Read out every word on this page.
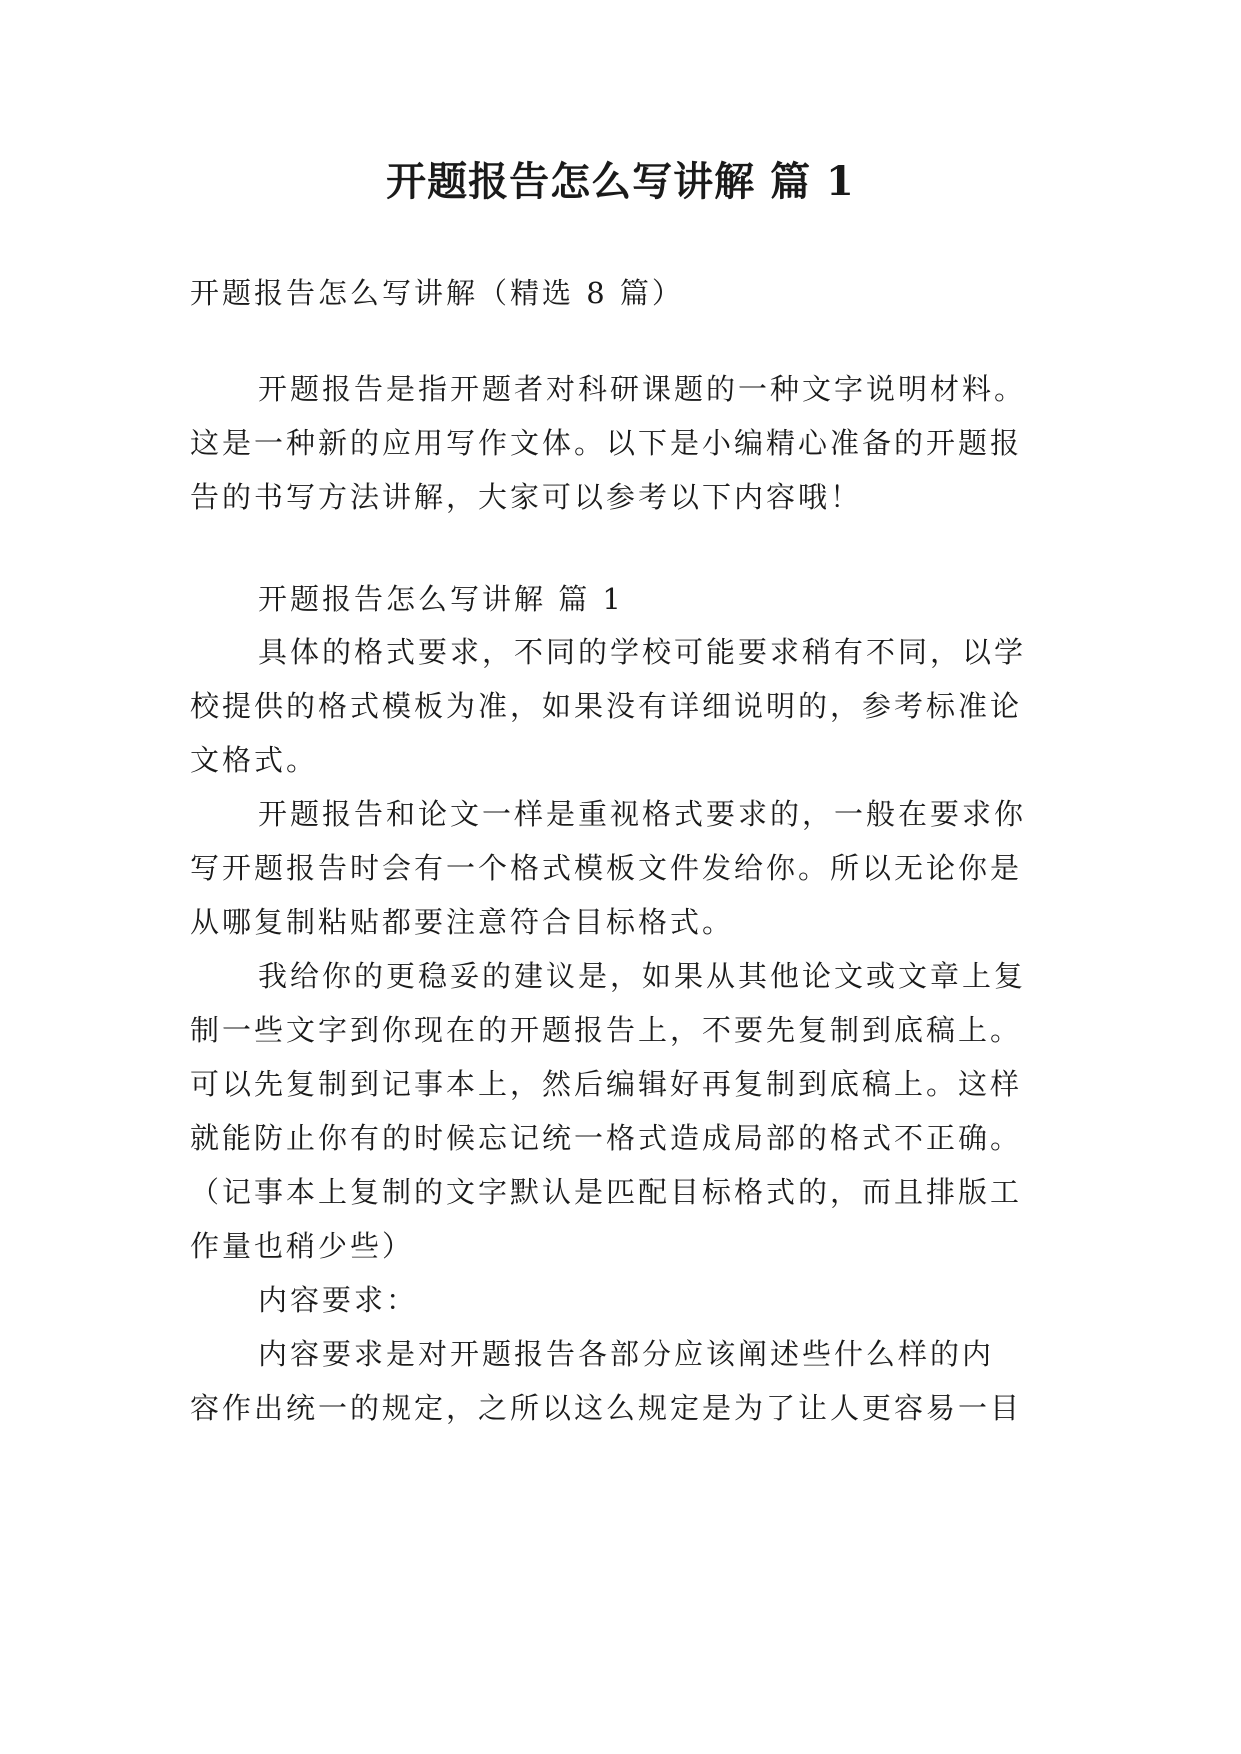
开题报告怎么写讲解 篇 1
开题报告怎么写讲解（精选 8 篇）
开题报告是指开题者对科研课题的一种文字说明材料。
这是一种新的应用写作文体。以下是小编精心准备的开题报
告的书写方法讲解，大家可以参考以下内容哦！
开题报告怎么写讲解 篇 1
具体的格式要求，不同的学校可能要求稍有不同，以学
校提供的格式模板为准，如果没有详细说明的，参考标准论
文格式。
开题报告和论文一样是重视格式要求的，一般在要求你
写开题报告时会有一个格式模板文件发给你。所以无论你是
从哪复制粘贴都要注意符合目标格式。
我给你的更稳妥的建议是，如果从其他论文或文章上复
制一些文字到你现在的开题报告上，不要先复制到底稿上。
可以先复制到记事本上，然后编辑好再复制到底稿上。这样
就能防止你有的时候忘记统一格式造成局部的格式不正确。
（记事本上复制的文字默认是匹配目标格式的，而且排版工
作量也稍少些）
内容要求：
内容要求是对开题报告各部分应该阐述些什么样的内
容作出统一的规定，之所以这么规定是为了让人更容易一目
